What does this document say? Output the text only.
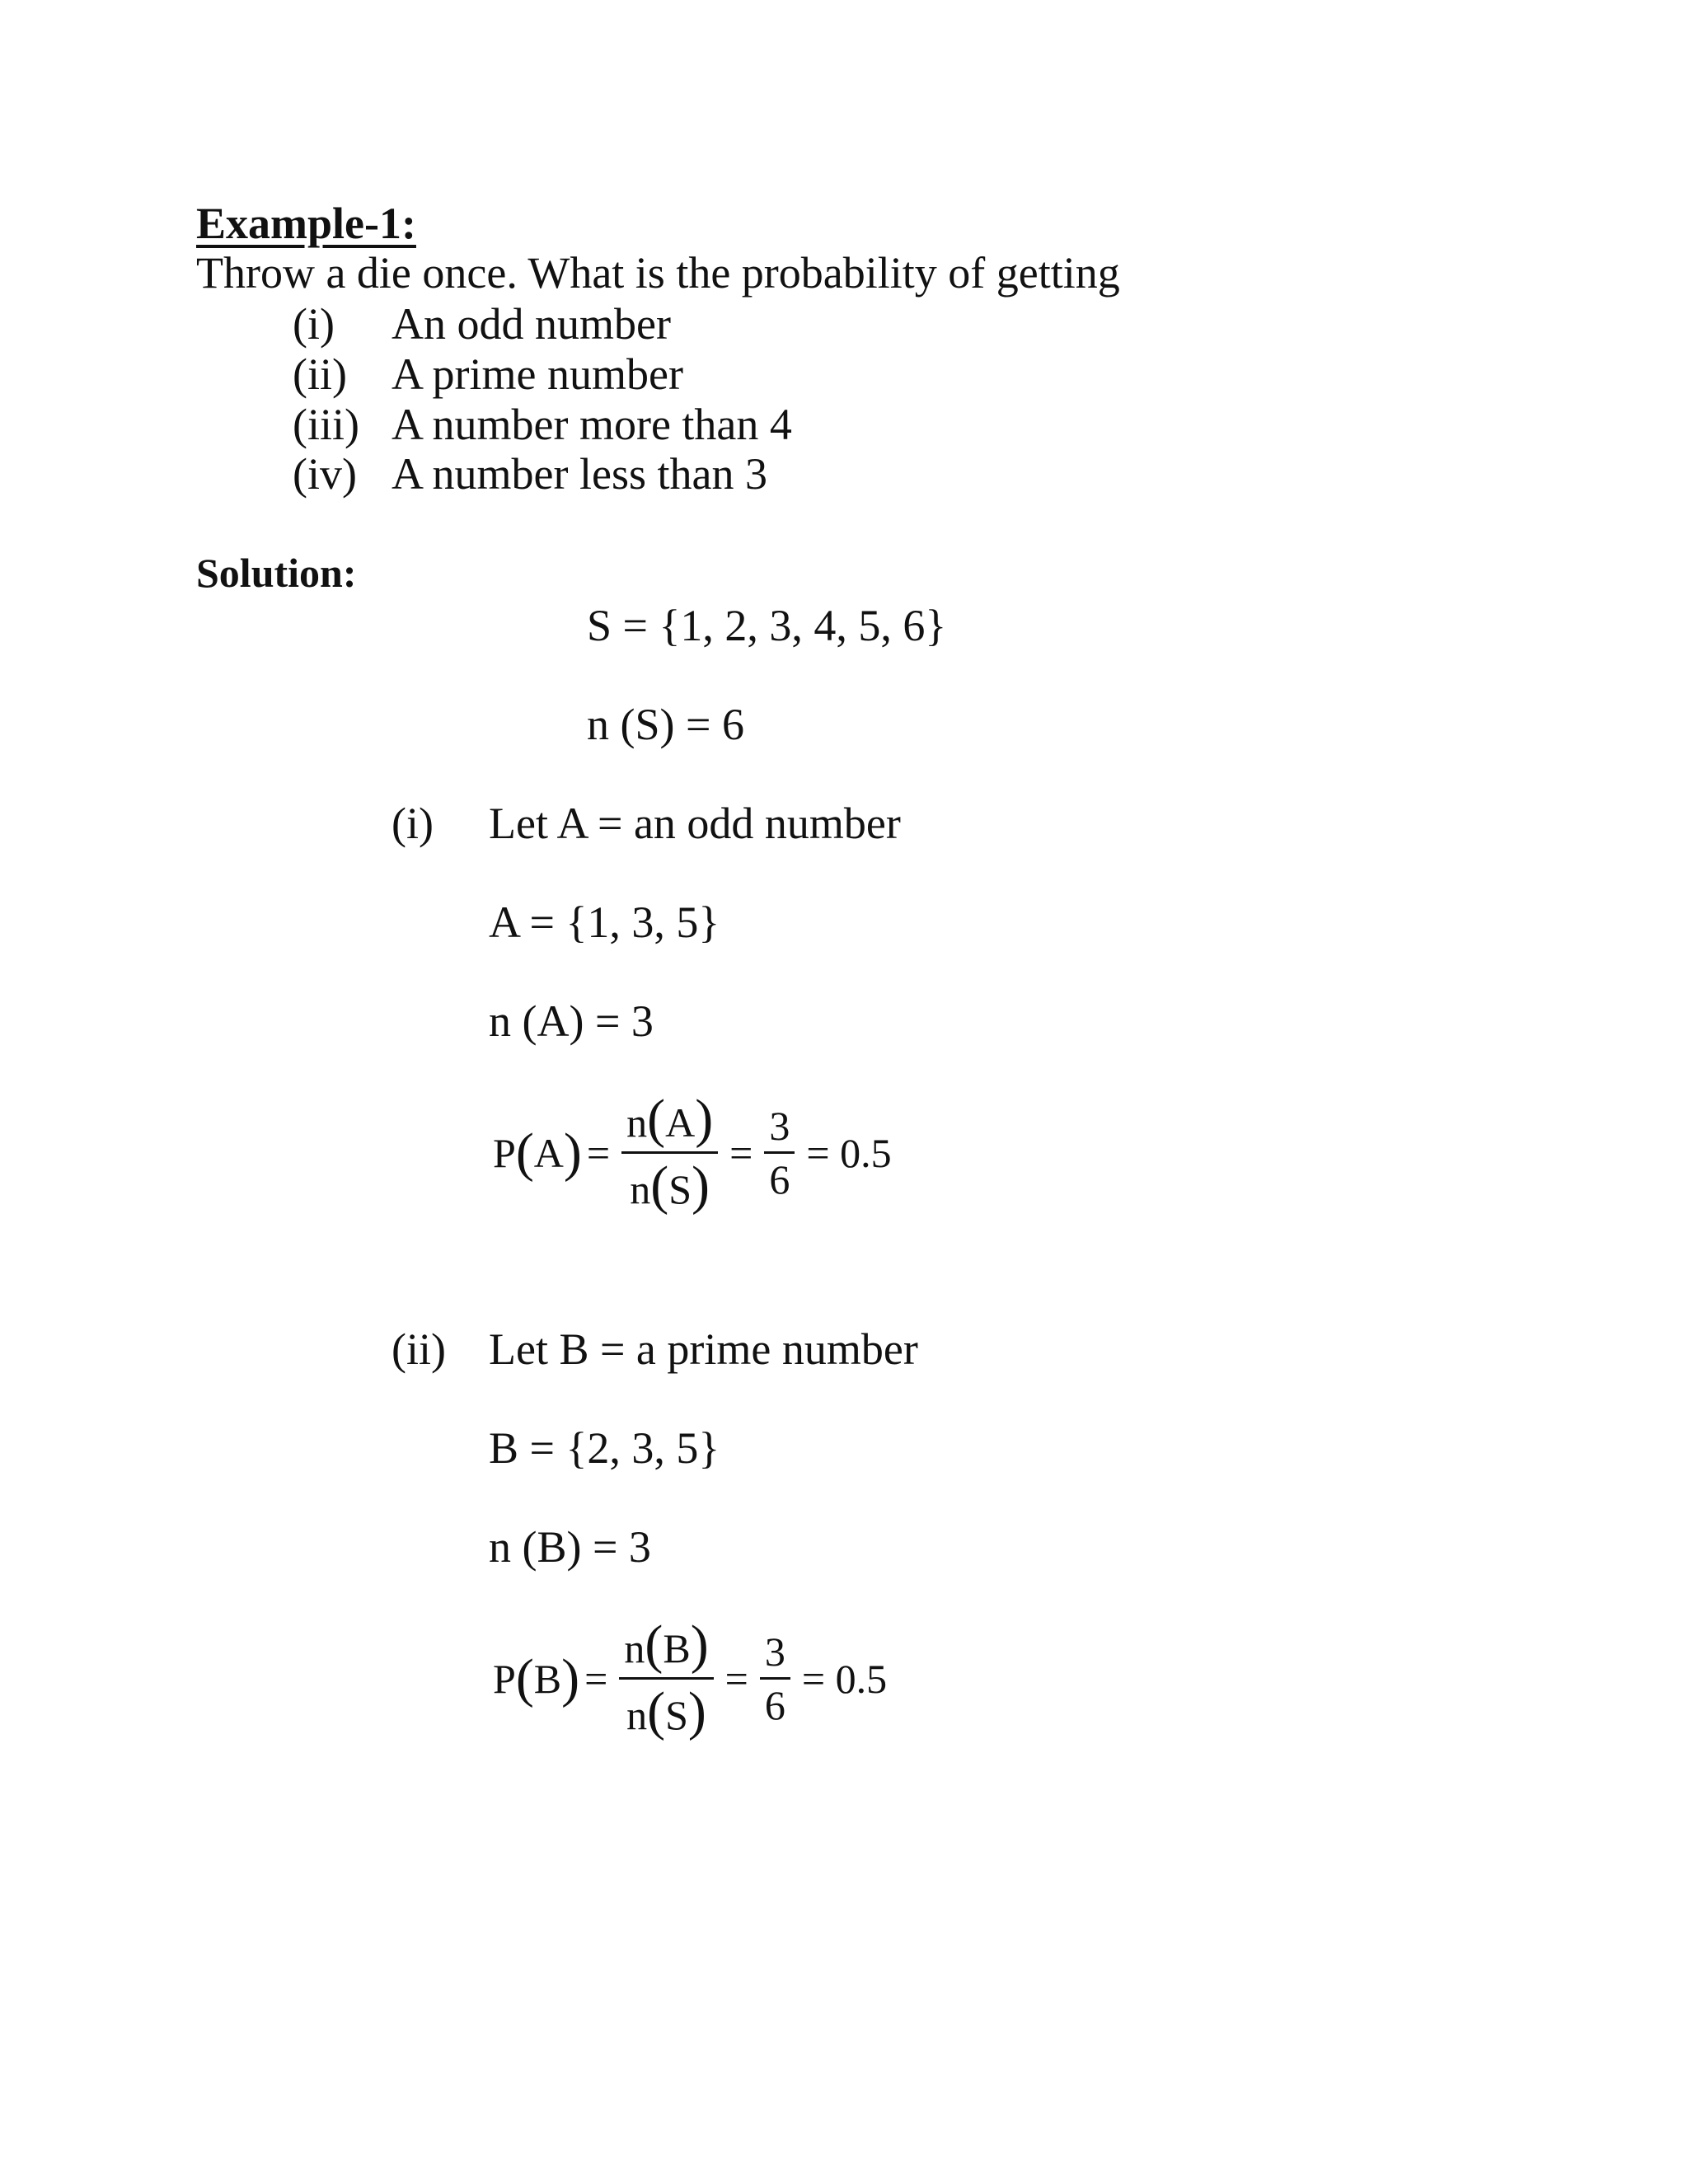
Example-1:
Throw a die once. What is the probability of getting
(i) An odd number
(ii) A prime number
(iii) A number more than 4
(iv) A number less than 3
Solution:
S = {1, 2, 3, 4, 5, 6}
n (S) = 6
(i) Let A = an odd number
A = {1, 3, 5}
n (A) = 3
P ( A ) = $\frac{n(A)}{n(S)} = \frac{3}{6} = 0.5$
(ii) Let B = a prime number
B = {2, 3, 5}
n (B) = 3
P ( B ) = $\frac{n(B)}{n(S)} = \frac{3}{6} = 0.5$
